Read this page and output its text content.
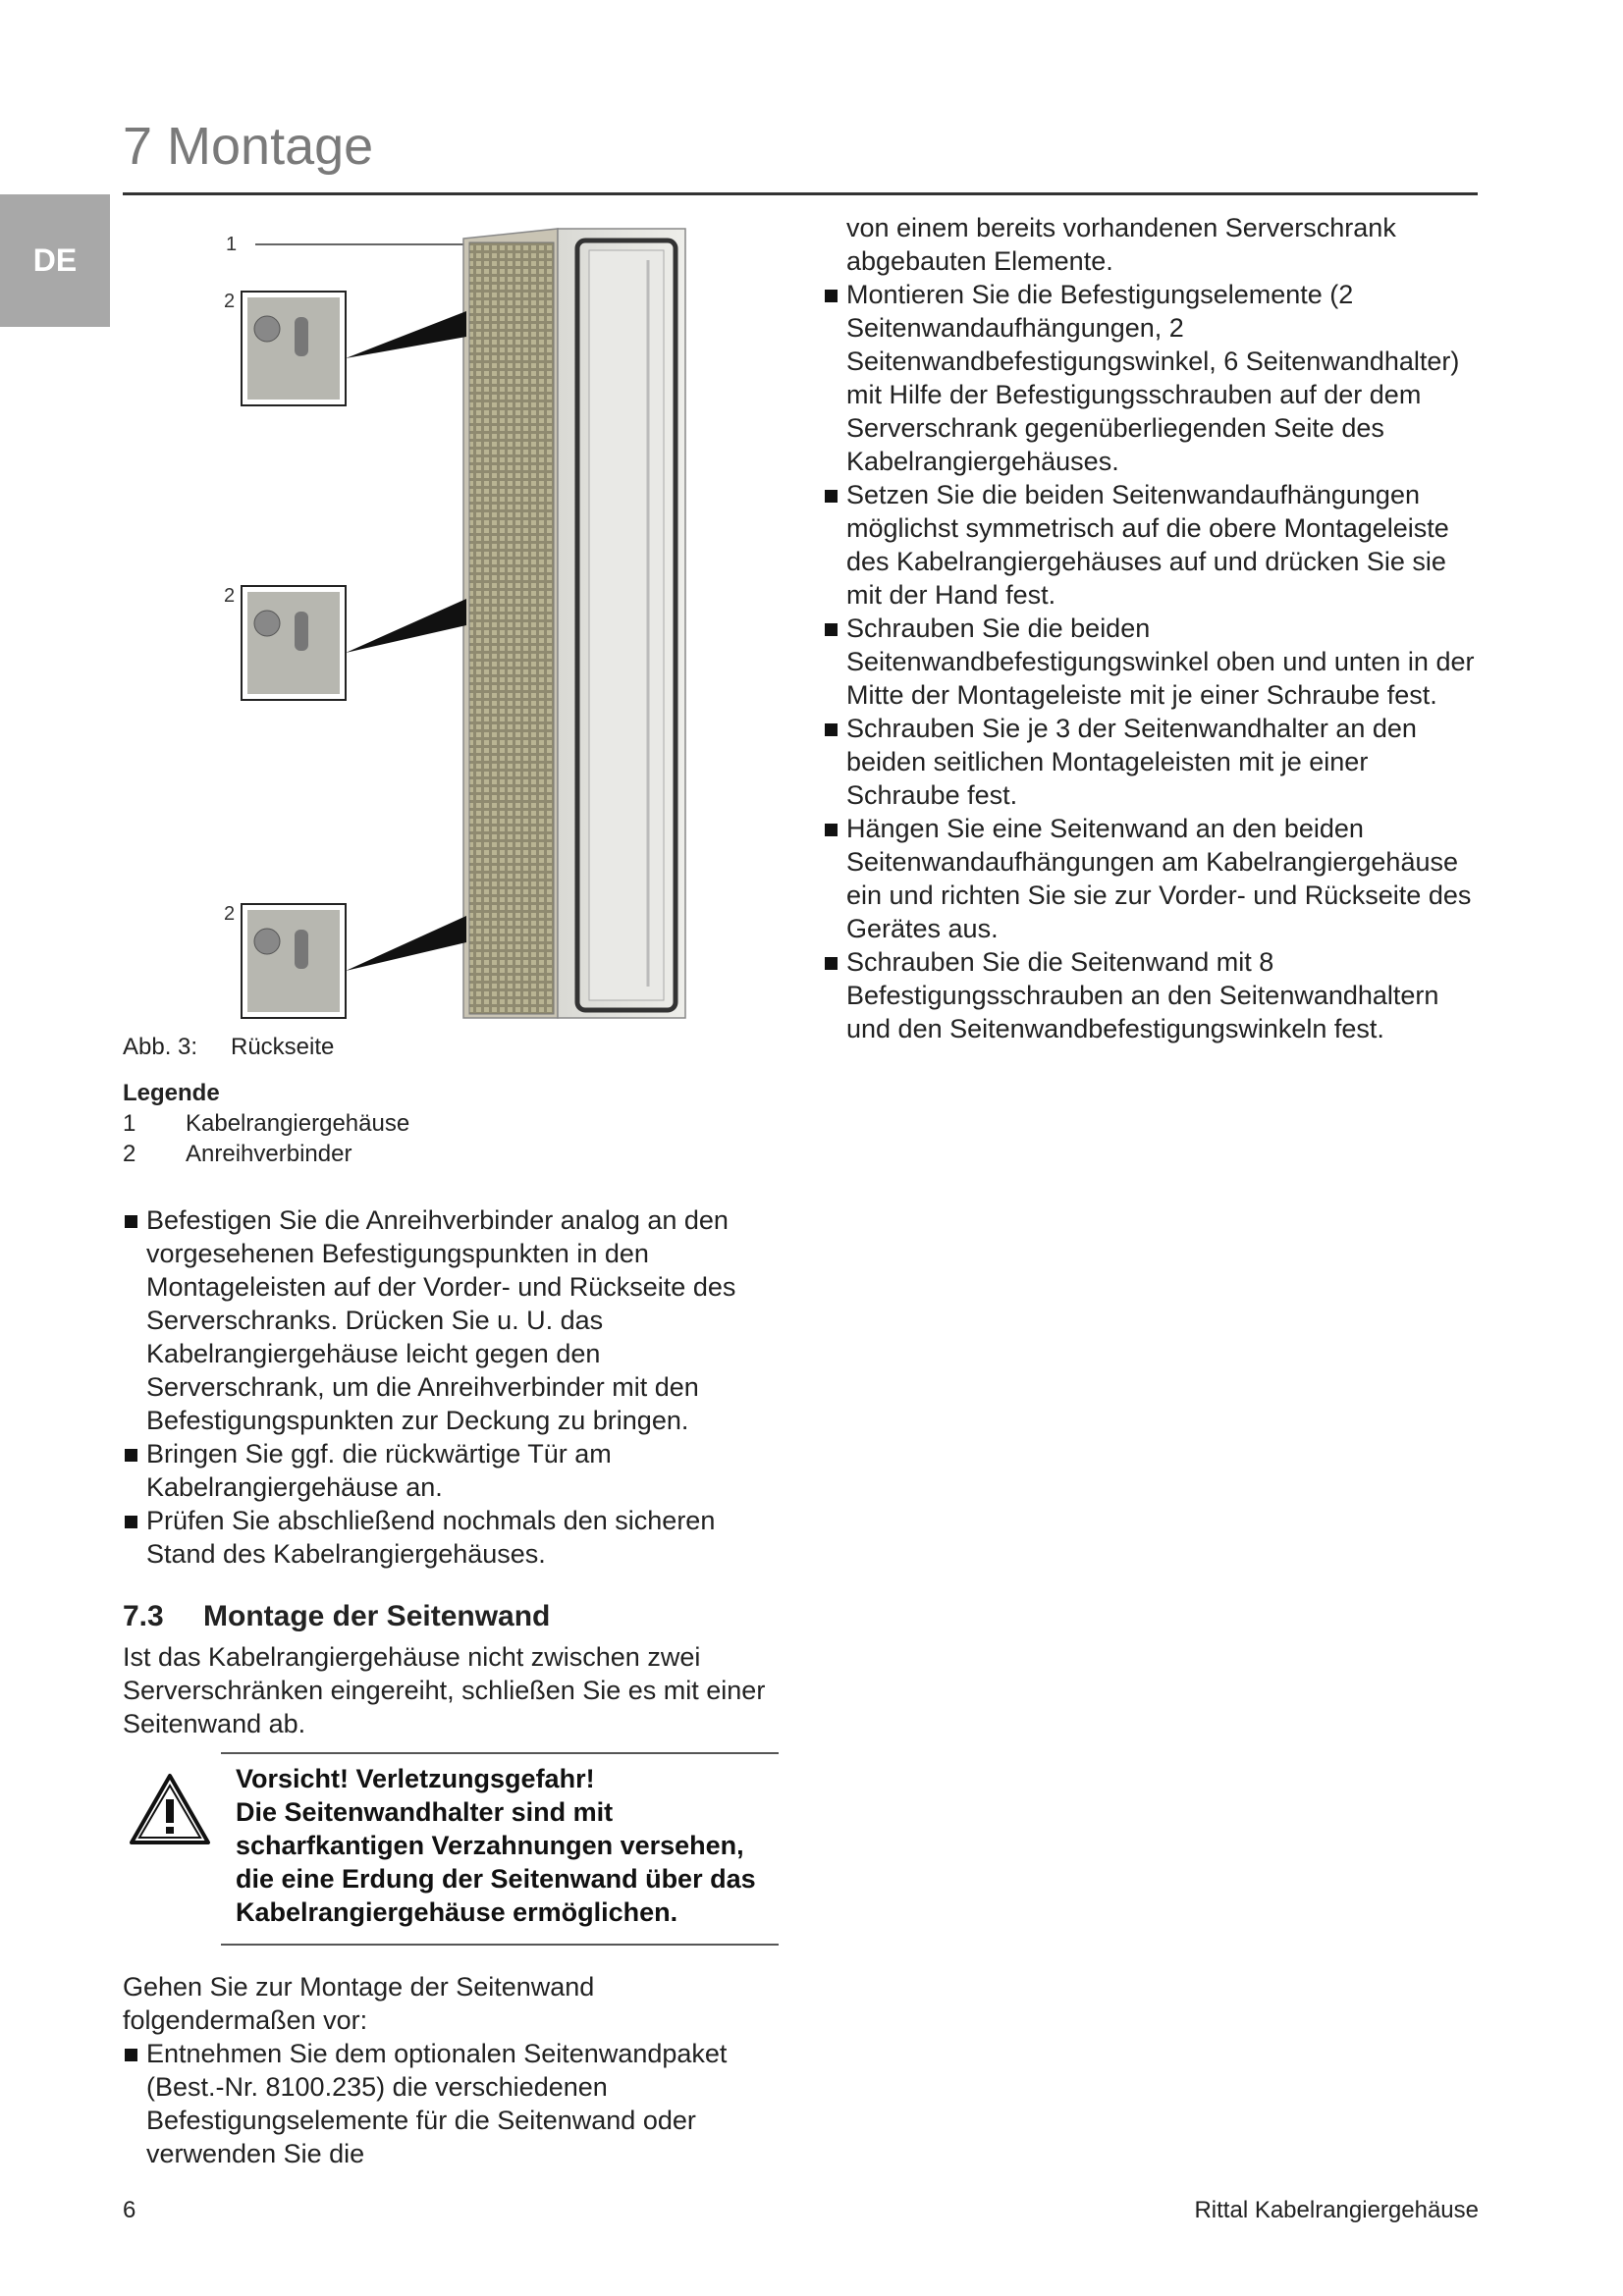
7 Montage
DE	1
2
2
2
Abb. 3: Rückseite
Legende
1 Kabelrangiergehäuse
2 Anreihverbinder
Befestigen Sie die Anreihverbinder analog an den vorgesehenen Befestigungspunkten in den Montageleisten auf der Vorder- und Rückseite des Serverschranks. Drücken Sie u. U. das Kabelrangiergehäuse leicht gegen den Serverschrank, um die Anreihverbinder mit den Befestigungspunkten zur Deckung zu bringen.
Bringen Sie ggf. die rückwärtige Tür am Kabelrangiergehäuse an.
Prüfen Sie abschließend nochmals den sicheren Stand des Kabelrangiergehäuses.
7.3 Montage der Seitenwand
Ist das Kabelrangiergehäuse nicht zwischen zwei Serverschränken eingereiht, schließen Sie es mit einer Seitenwand ab.
Vorsicht! Verletzungsgefahr!
Die Seitenwandhalter sind mit scharfkantigen Verzahnungen versehen, die eine Erdung der Seitenwand über das Kabelrangiergehäuse ermöglichen.
Gehen Sie zur Montage der Seitenwand folgendermaßen vor:
Entnehmen Sie dem optionalen Seitenwandpaket (Best.-Nr. 8100.235) die verschiedenen Befestigungselemente für die Seitenwand oder verwenden Sie die
von einem bereits vorhandenen Serverschrank abgebauten Elemente.
Montieren Sie die Befestigungselemente (2 Seitenwandaufhängungen, 2 Seitenwandbefestigungswinkel, 6 Seitenwandhalter) mit Hilfe der Befestigungsschrauben auf der dem Serverschrank gegenüberliegenden Seite des Kabelrangiergehäuses.
Setzen Sie die beiden Seitenwandaufhängungen möglichst symmetrisch auf die obere Montageleiste des Kabelrangiergehäuses auf und drücken Sie sie mit der Hand fest.
Schrauben Sie die beiden Seitenwandbefestigungswinkel oben und unten in der Mitte der Montageleiste mit je einer Schraube fest.
Schrauben Sie je 3 der Seitenwandhalter an den beiden seitlichen Montageleisten mit je einer Schraube fest.
Hängen Sie eine Seitenwand an den beiden Seitenwandaufhängungen am Kabelrangiergehäuse ein und richten Sie sie zur Vorder- und Rückseite des Gerätes aus.
Schrauben Sie die Seitenwand mit 8 Befestigungsschrauben an den Seitenwandhaltern und den Seitenwandbefestigungswinkeln fest.
6	Rittal Kabelrangiergehäuse
